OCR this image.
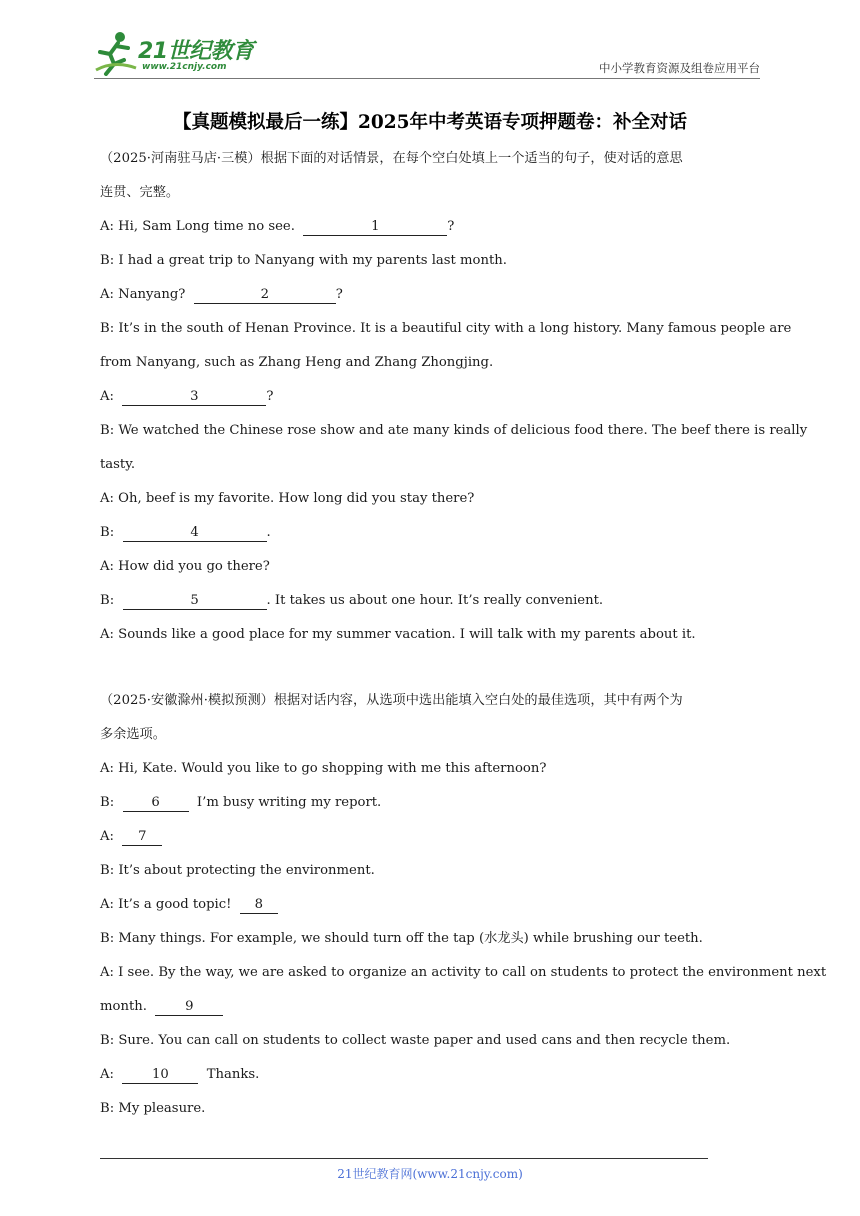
21世纪教育
www.21cnjy.com	中小学教育资源及组卷应用平台
【真题模拟最后一练】2025年中考英语专项押题卷：补全对话
（2025·河南驻马店·三模）根据下面的对话情景，在每个空白处填上一个适当的句子，使对话的意思
连贯、完整。
A: Hi, Sam Long time no see.	1	?
B: I had a great trip to Nanyang with my parents last month.
A: Nanyang?	2	?
B: It’s in the south of Henan Province. It is a beautiful city with a long history. Many famous people are
from Nanyang, such as Zhang Heng and Zhang Zhongjing.
A:	3	?
B: We watched the Chinese rose show and ate many kinds of delicious food there. The beef there is really
tasty.
A: Oh, beef is my favorite. How long did you stay there?
B:	4	.
A: How did you go there?
B:	5	. It takes us about one hour. It’s really convenient.
A: Sounds like a good place for my summer vacation. I will talk with my parents about it.
（2025·安徽滁州·模拟预测）根据对话内容，从选项中选出能填入空白处的最佳选项，其中有两个为
多余选项。
A: Hi, Kate. Would you like to go shopping with me this afternoon?
B:	6	I’m busy writing my report.
A: 7
B: It’s about protecting the environment.
A: It’s a good topic! 8
B: Many things. For example, we should turn off the tap (水龙头) while brushing our teeth.
A: I see. By the way, we are asked to organize an activity to call on students to protect the environment next
month.	9
B: Sure. You can call on students to collect waste paper and used cans and then recycle them.
A:	10	Thanks.
B: My pleasure.
21世纪教育网(www.21cnjy.com)
